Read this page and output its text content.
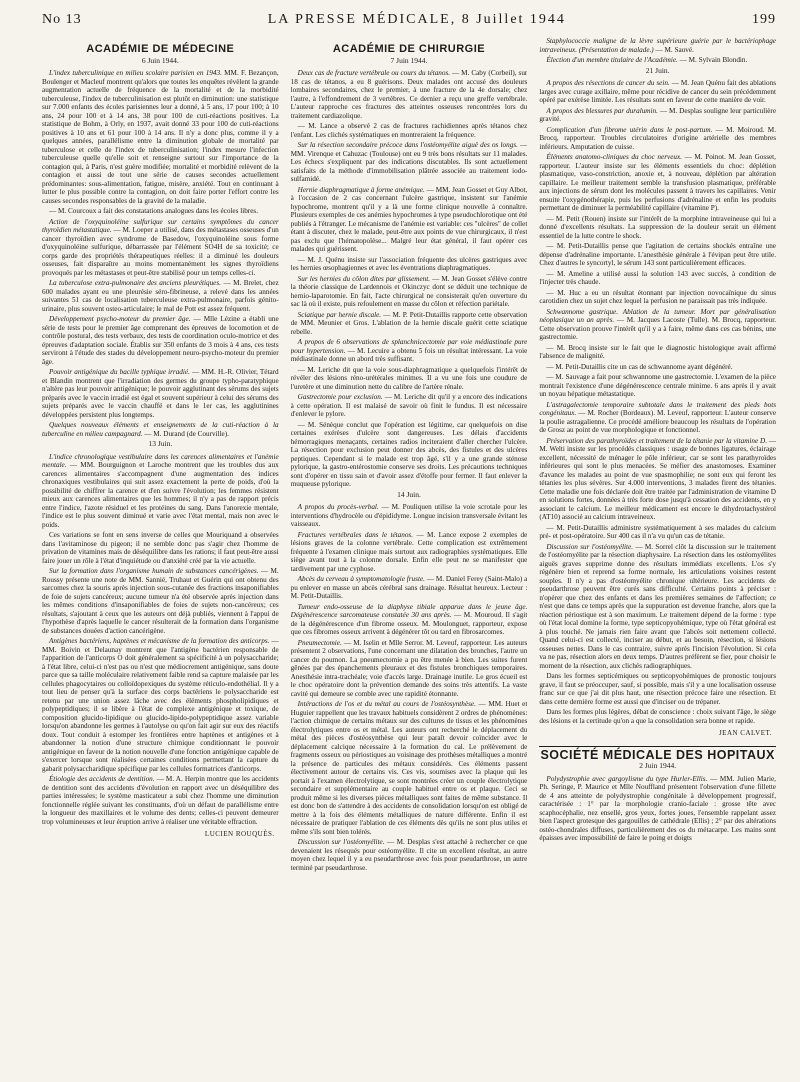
No 13	LA PRESSE MÉDICALE, 8 Juillet 1944	199
ACADÉMIE DE MÉDECINE
6 Juin 1944.

L'index tuberculinique en milieu scolaire parisien en 1943. MM. F. Bezançon, Boulenger et Macleuf montrent qu'alors que toutes les enquêtes révèlent la grande augmentation actuelle de fréquence de la mortalité et de la morbidité tuberculeuse, l'index de tuberculinisation est plutôt en diminution: une statistique sur 7.000 enfants des écoles parisiennes leur a donné, à 5 ans, 17 pour 100; à 10 ans, 24 pour 100 et à 14 ans, 38 pour 100 de cuti-réactions positives. La statistique de Bohm, à Orly, en 1937, avait donné 33 pour 100 de cuti-réactions positives à 10 ans et 61 pour 100 à 14 ans. Il n'y a donc plus, comme il y a quelques années, parallélisme entre la diminution globale de mortalité par tuberculose et celle de l'index de tuberculinisation; l'index mesure l'infection tuberculeuse quelle qu'elle soit et renseigne surtout sur l'importance de la contagion qui, à Paris, n'est guère modifiée; mortalité et morbidité relèvent de la contagion et aussi de tout une série de causes secondes actuellement prédominantes: sous-alimentation, fatigue, misère, anxiété. Tout en continuant à lutter le plus possible contre la contagion, on doit faire porter l'effort contre les causes secondes responsables de la gravité de la maladie.

— M. Courcoux a fait des constatations analogues dans les écoles libres.

Action de l'oxyquinoléine sulfurique sur certains symptômes du cancer thyroïdien métastatique. — M. Loeper a utilisé, dans des métastases osseuses d'un cancer thyroïdien avec syndrome de Basedow, l'oxyquinoléine sous forme d'oxyquinoléine sulfurique, débarrassée par l'élément SO4H de sa toxicité; ce corps garde des propriétés thérapeutiques réelles: il a diminué les douleurs osseuses, fait disparaître au moins momentanément les signes thyroïdiens provoqués par les métastases et peut-être stabilisé pour un temps celles-ci.

La tuberculose extra-pulmonaire des anciens pleurétiques. — M. Brelet, chez 600 malades ayant eu une pleurésie séro-fibrineuse, a relevé dans les années suivantes 51 cas de localisation tuberculeuse extra-pulmonaire, parfois génito-urinaire, plus souvent osteo-articulaire; le mal de Pott est assez fréquent.

Développement psycho-moteur du premier âge. — Mlle Lézine a établi une série de tests pour le premier âge comprenant des épreuves de locomotion et de contrôle postural, des tests verbaux, des tests de coordination oculo-motrice et des épreuves d'adaptation sociale. Établis sur 350 enfants de 3 mois à 4 ans, ces tests serviront à l'étude des stades du développement neuro-psycho-moteur du premier âge.

Pouvoir antigénique du bacille typhique irradié. — MM. H.-R. Olivier, Tétard et Blandin montrent que l'irradiation des germes du groupe typho-paratyphique n'altère pas leur pouvoir antigénique; le pouvoir agglutinant des sérums des sujets préparés avec le vaccin irradié est égal et souvent supérieur à celui des sérums des sujets préparés avec le vaccin chauffé et dans le 1er cas, les agglutinines développées persistent plus longtemps.

Quelques nouveaux éléments et enseignements de la cuti-réaction à la tuberculine en milieu campagnard. — M. Durand (de Courville).

13 Juin.

L'indice chronologique vestibulaire dans les carences alimentaires et l'anémie mentale. — MM. Bourguignon et Laroche montrent que les troubles dus aux carences alimentaires s'accompagnent d'une augmentation des indices chronaxiques vestibulaires qui suit assez exactement la perte de poids, d'où la possibilité de chiffrer la carence et d'en suivre l'évolution; les femmes résistent mieux aux carences alimentaires que les hommes; il n'y a pas de rapport précis entre l'indice, l'azote résiduel et les protéines du sang. Dans l'anorexie mentale, l'indice est le plus souvent diminué et varie avec l'état mental, mais non avec le poids.

Ces variations se font en sens inverse de celles que Mouriquand a observées dans l'avitaminose du pigeon; il ne semble donc pas s'agir chez l'homme de privation de vitamines mais de déséquilibre dans les rations; il faut peut-être aussi faire jouer un rôle à l'état d'inquiétude ou d'anxiété créé par la vie actuelle.

Sur la formation dans l'organisme humain de substances cancérigènes. — M. Roussy présente une note de MM. Sannié, Truhaut et Guérin qui ont obtenu des sarcomes chez la souris après injection sous-cutanée des fractions insaponifiables de foie de sujets cancéreux; aucune tumeur n'a été observée après injection dans les mêmes conditions d'insaponifiables de foies de sujets non-cancéreux; ces résultats, s'ajoutant à ceux que les auteurs ont déjà publiés, viennent à l'appui de l'hypothèse d'après laquelle le cancer résulterait de la formation dans l'organisme de substances douées d'action cancérigène.

Antigènes bactériens, haptènes et mécanisme de la formation des anticorps. — MM. Boivin et Delaunay montrent que l'antigène bactérien responsable de l'apparition de l'anticorps O doit généralement sa spécificité à un polysaccharide; à l'état libre, celui-ci n'est pas ou n'est que médiocrement antigénique, sans doute parce que sa taille moléculaire relativement faible rend sa capture malaisée par les cellules phagocytaires ou colloïdopexiques du système réticulo-endothélial. Il y a tout lieu de penser qu'à la surface des corps bactériens le polysaccharide est retenu par une union assez lâche avec des éléments phospholipidiques et polypeptidiques; il se libère à l'état de complexe antigénique et toxique, de composition glucido-lipidique ou glucido-lipido-polypeptidique assez variable lorsqu'on abandonne les germes à l'autolyse ou qu'on fait agir sur eux des réactifs doux. Tout conduit à estomper les frontières entre haptènes et antigènes et à abandonner la notion d'une structure chimique conditionnant le pouvoir antigénique en faveur de la notion nouvelle d'une fonction antigénique capable de s'exercer lorsque sont réalisées certaines conditions permettant la capture du gabarit polysaccharidique spécifique par les cellules formatrices d'anticorps.

Étiologie des accidents de dentition. — M. A. Herpin montre que les accidents de dentition sont des accidents d'évolution en rapport avec un déséquilibre des parties intéressées; le système masticateur a subi chez l'homme une diminution fonctionnelle réglée suivant les constituants, d'où un défaut de parallélisme entre la longueur des maxillaires et le volume des dents; celles-ci peuvent demeurer trop volumineuses et leur éruption arrive à réaliser une véritable effraction.

LUCIEN ROUQUÈS.
ACADÉMIE DE CHIRURGIE
7 Juin 1944.

Deux cas de fracture vertébrale ou cours du tétanos. — M. Caby (Corbeil), sur 18 cas de tétanos, a eu 8 guérisons. Deux malades ont accusé des douleurs lombaires secondaires, chez le premier, à une fracture de la 4e dorsale; chez l'autre, à l'effondrement de 3 vertèbres. Ce dernier a reçu une greffe vertébrale. L'auteur rapproche ces fractures des atteintes osseuses rencontrées lors du traitement cardiazolique.

— M. Lance a observé 2 cas de fractures rachidiennes après tétanos chez l'enfant. Les clichés systématiques en montreraient la fréquence.

Sur la résection secondaire précoce dans l'ostéomyélite aiguë des os longs. — MM. Virenque et Cahuzac (Toulouse) ont eu 9 très bons résultats sur 11 malades. Les échecs s'expliquent par des indications discutables. Ils sont actuellement satisfaits de la méthode d'immobilisation plâtrée associée au traitement iodo-sulfamidé.

Hernie diaphragmatique à forme anémique. — MM. Jean Gosset et Guy Albot, à l'occasion de 2 cas concernant l'ulcère gastrique, insistent sur l'anémie hypochrome, montrent qu'il y a là une forme clinique nouvelle à connaître. Plusieurs exemples de ces anémies hypochromes à type pseudochlorotique ont été publiés à l'étranger. Le mécanisme de l'anémie est variable: ces "ulcères" de collet étant à discuter, chez le malade, peut-être aux points de vue chirurgicaux, il n'est pas exclu que l'hématopoïèse... Malgré leur état général, il faut opérer ces malades qui guérissent.

— M. J. Quénu insiste sur l'association fréquente des ulcères gastriques avec les hernies œsophagiennes et avec les éventrations diaphragmatiques.

Sur les hernies du côlon dites par glissement. — M. Jean Gosset s'élève contre la théorie classique de Lardennois et Okinczyc dont se déduit une technique de hernio-laparotomie. En fait, l'acte chirurgical ne consisterait qu'en ouverture du sac là où il existe, puis refoulement en masse du côlon et réfection pariétale.

Sciatique par hernie discale. — M. P. Petit-Dutaillis rapporte cette observation de MM. Meunier et Gros. L'ablation de la hernie discale guérit cette sciatique rebelle.

A propos de 6 observations de splanchnicectomie par voie médiastinale pure pour hypertension. — M. Lecuire a obtenu 5 fois un résultat intéressant. La voie médiastinale donne un abord très suffisant.

— M. Leriche dit que la voie sous-diaphragmatique a quelquefois l'intérêt de révéler des lésions réno-urétérales minimes. Il a vu une fois une coudure de l'uretère et une diminution nette du calibre de l'artère rénale.

Gastrectomie pour exclusion. — M. Leriche dit qu'il y a encore des indications à cette opération. Il est malaisé de savoir où finit le fundus. Il est nécessaire d'enlever le pylore.

— M. Sénèque conclut que l'opération est légitime, car quelquefois on dise certaines exérèses d'ulcère sont dangereuses. Les délais d'accidents hémorragiques menaçants, certaines radios inciteraient d'aller chercher l'ulcère. La résection pour exclusion peut donner des abcès, des fistules et des ulcères peptiques. Cependant si le malade est trop âgé, s'il y a une grande sténose pylorique, la gastro-entérostomie conserve ses droits. Les précautions techniques sont d'opérer en tissu sain et d'avoir assez d'étoffe pour fermer. Il faut enlever la muqueuse pylorique.

14 Juin.

A propos du procès-verbal. — M. Pouliquen utilise la voie scrotale pour les interventions d'hydrocèle ou d'épididyme. Longue incision transversale évitant les vaisseaux.

Fractures vertébrales dans le tétanos. — M. Lance expose 2 exemples de lésions graves de la colonne vertébrale. Cette complication est extrêmement fréquente à l'examen clinique mais surtout aux radiographies systématiques. Elle siège avant tout à la colonne dorsale. Enfin elle peut ne se manifester que tardivement par une cyphose.

Abcès du cerveau à symptomatologie fruste. — M. Daniel Ferey (Saint-Malo) a pu enlever en masse un abcès cérébral sans drainage. Résultat heureux. Lecteur : M. Petit-Dutaillis.

Tumeur endo-osseuse de la diaphyse tibiale apparue dans le jeune âge. Dégénérescence sarcomateuse constatée 30 ans après. — M. Mouroud. Il s'agit de la dégénérescence d'un fibrome osseux. M. Moulonguet, rapporteur, expose que ces fibromes osseux arrivent à dégénérer tôt ou tard en fibrosarcomes.

Pneumectomie. — M. Iselin et Mlle Serror. M. Leveuf, rapporteur. Les auteurs présentent 2 observations, l'une concernant une dilatation des bronches, l'autre un cancer du poumon. La pneumectomie a pu être menée à bien. Les suites furent gênées par des épanchements pleuraux et des fistules bronchiques temporaires. Anesthésie intra-trachéale; voie d'accès large. Drainage inutile. Le gros écueil est le choc opératoire dont la prévention demande des soins très attentifs. La vaste cavité qui demeure se comble avec une rapidité étonnante.

Intéractions de l'os et du métal au cours de l'ostéosynthèse. — MM. Huet et Huguier rappellent que les travaux habituels considèrent 2 ordres de phénomènes: l'action chimique de certains métaux sur des cultures de tissus et les phénomènes électrolytiques entre os et métal. Les auteurs ont recherché le déplacement du métal des pièces d'ostéosynthèse qui leur paraît devoir coïncider avec le déplacement calcique nécessaire à la formation du cal. Le prélèvement de fragments osseux ou périostiques au voisinage des prothèses métalliques a montré la présence de particules des métaux considérés. Ces éléments passent électivement autour de certains vis. Ces vis, soumises avec la plaque qui les portait à l'examen électrolytique, se sont montrées créer un couple électrolytique secondaire et supplémentaire au couple habituel entre os et plaque. Ceci se produit même si les diverses pièces métalliques sont faites de même substance. Il est donc bon de s'attendre à des accidents de consolidation lorsqu'on est obligé de mettre à la fois des éléments métalliques de nature différente. Enfin il est nécessaire de pratiquer l'ablation de ces éléments dès qu'ils ne sont plus utiles et même s'ils sont bien tolérés.

Discussion sur l'ostéomyélite. — M. Desplas s'est attaché à rechercher ce que devenaient les résequés pour ostéomyélite. Il cite un excellent résultat, au autre moyen chez lequel il y a eu pseudarthrose avec fois pour pseudarthrose, un autre terminé par pseudarthrose.

Staphylococcie maligne de la lèvre supérieure guérie par le bactériophage intraveineux. (Présentation de malade.) — M. Sauvé.

Élection d'un membre titulaire de l'Académie. — M. Sylvain Blondin.

21 Juin.

A propos des résections de cancer du sein. — M. Jean Quénu fait des ablations larges avec curage axillaire, même pour récidive de cancer du sein précédemment opéré par exérèse limitée. Les résultats sont en faveur de cette manière de voir.

A propos des blessures par duralumin. — M. Desplas souligne leur particulière gravité.

Complication d'un fibrome utérin dans le post-partum. — M. Moiroud. M. Brocq, rapporteur. Troubles circulatoires d'origine artérielle des membres inférieurs. Amputation de cuisse.

Éléments anatomo-cliniques du choc nerveux. — M. Poinot. M. Jean Gosset, rapporteur. L'auteur insiste sur les éléments essentiels du choc: déplétion plasmatique, vaso-constriction, anoxie et, à nouveau, déplétion par altération capillaire. Le meilleur traitement semble la transfusion plasmatique, préférable aux injections de sérum dont les molécules passent à travers les capillaires. Venir ensuite l'oxygénothérapie, puis les perfusions d'adrénaline et enfin les produits permettant de diminuer la perméabilité capillaire (vitamine P).

— M. Petit (Rouen) insiste sur l'intérêt de la morphine intraveineuse qui lui a donné d'excellents résultats. La suppression de la douleur serait un élément essentiel de la lutte contre le shock.

— M. Petit-Dutaillis pense que l'agitation de certains shockés entraîne une dépense d'adrénaline importante. L'anesthésie générale à l'évipan peut être utile. Chez d'autres le syncortyl, le sérum 143 sont particulièrement efficaces.

— M. Ameline a utilisé aussi la solution 143 avec succès, à condition de l'injecter très chaude.

— M. Huc a eu un résultat étonnant par injection novocaïnique du sinus carotidien chez un sujet chez lequel la perfusion ne paraissait pas très indiquée.

Schwannome gastrique. Ablation de la tumeur. Mort par généralisation néoplasique un an après. — M. Jacques Lacoste (Tulle). M. Brocq, rapporteur. Cette observation prouve l'intérêt qu'il y a à faire, même dans ces cas bénins, une gastrectomie.

— M. Brocq insiste sur le fait que le diagnostic histologique avait affirmé l'absence de malignité.

— M. Petit-Dutaillis cite un cas de schwannome ayant dégénéré.

— M. Sauvage a fait pour schwannome une gastrectomie. L'examen de la pièce montrait l'existence d'une dégénérescence centrale minime. 6 ans après il y avait un noyau hépatique métastatique.

L'astragalectomie temporaire subtotale dans le traitement des pieds bots congénitaux. — M. Rocher (Bordeaux). M. Leveuf, rapporteur. L'auteur conserve la poulie astragalienne. Ce procédé améliore beaucoup les résultats de l'opération de Grosz au point de vue morphologique et fonctionnel.

Préservation des parathyroïdes et traitement de la tétanie par la vitamine D. — M. Welti insiste sur les procédés classiques : usage de bonnes ligatures, éclairage excellent, nécessité de ménager le pôle inférieur, car se sont les parathyroïdes inférieures qui sont le plus menacées. Se méfier des anastomoses. Examiner d'avance les malades au point de vue spasmophilie; ne sont eux qui feront les tétanies les plus sévères. Sur 4.000 interventions, 3 malades firent des tétanies. Cette maladie une fois déclarée doit être traitée par l'administration de vitamine D en solutions fortes, données à très forte dose jusqu'à cessation des accidents, en y associant le calcium. Le meilleur médicament est encore le dihydrotachystérol (AT10) associé au calcium intraveineux.

— M. Petit-Dutaillis administre systématiquement à ses malades du calcium pré- et post-opératoire. Sur 400 cas il n'a vu qu'un cas de tétanie.

Discussion sur l'ostéomyélite. — M. Sorrel clôt la discussion sur le traitement de l'ostéomyélite par la résection diaphysaire. La résection dans les ostéomyélites aiguës graves supprime donne des résultats immédiats excellents. L'os s'y régénère bien et reprend sa forme normale, les articulations voisines restent souples. Il n'y a pas d'ostéomyélite chronique ultérieure. Les accidents de pseudarthrose peuvent être curés sans difficulté. Certains points à préciser : n'opérer que chez des enfants et dans les premières semaines de l'affection; ce n'est que dans ce temps après que la suppuration est devenue franche, alors que la réaction périostique est à son maximum. Le traitement dépend de la forme : type où l'état local domine la forme, type septicopyohémique, type où l'état général est à plus touché. Ne jamais rien faire avant que l'abcès soit nettement collecté. Quand celui-ci est collecté, inciser au début, et au besoin, résection, si lésions osseuses nettes. Dans le cas contraire, suivre après l'incision l'évolution. Si cela va ne pas, résection alors en deux temps. D'autres préfèrent se fier, pour choisir le moment de la résection, aux clichés radiographiques.

Dans les formes septicémiques ou septicopyohémiques de pronostic toujours grave, il faut se préoccuper, sauf, si possible, mais s'il y a une localisation osseuse franc sur ce que j'ai dit plus haut, une résection précoce faire une résection. Et dans cette dernière forme est aussi que d'inciser ou de trépaner.

Dans les formes plus légères, débat de conscience : choix suivant l'âge, le siège des lésions et la certitude qu'on a que la consolidation sera bonne et rapide.

JEAN CALVET.
SOCIÉTÉ MÉDICALE DES HOPITAUX
2 Juin 1944.

Polydystrophie avec gargoylisme du type Hurler-Ellis. — MM. Julien Marie, Ph. Seringe, P. Maurice et Mlle Nouffland présentent l'observation d'une fillette de 4 ans atteinte de polydystrophie congénitale à développement progressif, caractérisée : 1° par la morphologie cranio-faciale : grosse tête avec scaphocéphalie, nez ensellé, gros yeux, fortes joues, l'ensemble rappelant assez bien l'aspect grotesque des gargouilles de cathédrale (Ellis) ; 2° par des altérations ostéo-chondrales diffuses, particulièrement des os du métacarpe. Les mains sont épaisses avec impossibilité de faire le poing et doigts
